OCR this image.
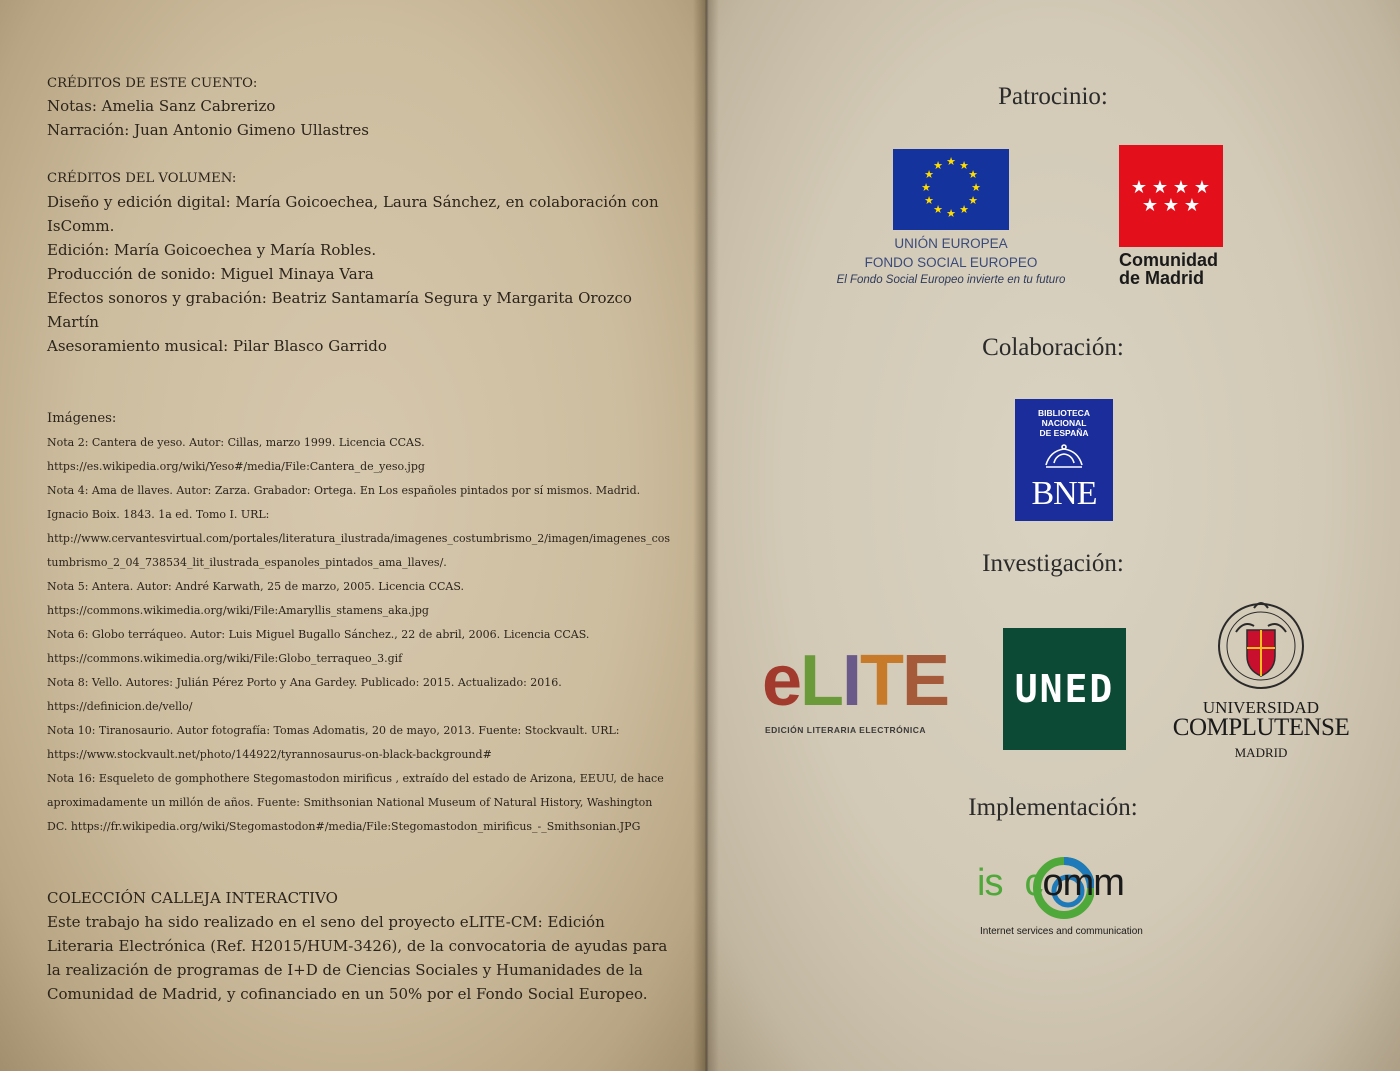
CRÉDITOS DE ESTE CUENTO:
Notas: Amelia Sanz Cabrerizo
Narración: Juan Antonio Gimeno Ullastres
CRÉDITOS DEL VOLUMEN:
Diseño y edición digital: María Goicoechea, Laura Sánchez, en colaboración con
IsComm.
Edición: María Goicoechea y María Robles.
Producción de sonido: Miguel Minaya Vara
Efectos sonoros y grabación: Beatriz Santamaría Segura y Margarita Orozco
Martín
Asesoramiento musical: Pilar Blasco Garrido
Imágenes:
Nota 2: Cantera de yeso. Autor: Cillas, marzo 1999. Licencia CCAS.
https://es.wikipedia.org/wiki/Yeso#/media/File:Cantera_de_yeso.jpg
Nota 4: Ama de llaves. Autor: Zarza. Grabador: Ortega. En Los españoles pintados por sí mismos. Madrid.
Ignacio Boix. 1843. 1a ed. Tomo I. URL:
http://www.cervantesvirtual.com/portales/literatura_ilustrada/imagenes_costumbrismo_2/imagen/imagenes_cos
tumbrismo_2_04_738534_lit_ilustrada_espanoles_pintados_ama_llaves/.
Nota 5: Antera. Autor: André Karwath, 25 de marzo, 2005. Licencia CCAS.
https://commons.wikimedia.org/wiki/File:Amaryllis_stamens_aka.jpg
Nota 6: Globo terráqueo. Autor: Luis Miguel Bugallo Sánchez., 22 de abril, 2006. Licencia CCAS.
https://commons.wikimedia.org/wiki/File:Globo_terraqueo_3.gif
Nota 8: Vello. Autores: Julián Pérez Porto y Ana Gardey. Publicado: 2015. Actualizado: 2016.
https://definicion.de/vello/
Nota 10: Tiranosaurio. Autor fotografía: Tomas Adomatis, 20 de mayo, 2013. Fuente: Stockvault. URL:
https://www.stockvault.net/photo/144922/tyrannosaurus-on-black-background#
Nota 16: Esqueleto de gomphothere Stegomastodon mirificus , extraído del estado de Arizona, EEUU, de hace
aproximadamente un millón de años. Fuente: Smithsonian National Museum of Natural History, Washington
DC. https://fr.wikipedia.org/wiki/Stegomastodon#/media/File:Stegomastodon_mirificus_-_Smithsonian.JPG
COLECCIÓN CALLEJA INTERACTIVO
Este trabajo ha sido realizado en el seno del proyecto eLITE-CM: Edición
Literaria Electrónica (Ref. H2015/HUM-3426), de la convocatoria de ayudas para
la realización de programas de I+D de Ciencias Sociales y Humanidades de la
Comunidad de Madrid, y cofinanciado en un 50% por el Fondo Social Europeo.
Patrocinio:
★ ★
★
★
★
★
★
★
★
★
★
★
UNIÓN EUROPEA
FONDO SOCIAL EUROPEO
El Fondo Social Europeo invierte en tu futuro
★ ★ ★ ★
★ ★ ★
Comunidad
de Madrid
Colaboración:
BIBLIOTECA
NACIONAL
DE ESPAÑA
BNE
Investigación:
eLITE
EDICIÓN LITERARIA ELECTRÓNICA
UNED	UNIVERSIDAD
COMPLUTENSE
MADRID
Implementación:
is comm
Internet services and communication
